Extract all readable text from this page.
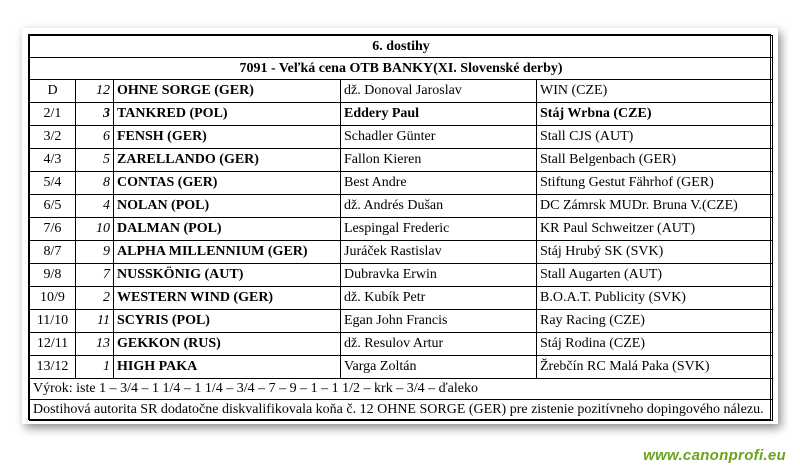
6. dostihy				
7091 - Veľká cena OTB BANKY(XI. Slovenské derby)				
D	12	OHNE SORGE (GER)	dž. Donoval Jaroslav	WIN (CZE)
2/1	3	TANKRED (POL)	Eddery Paul	Stáj Wrbna (CZE)
3/2	6	FENSH (GER)	Schadler Günter	Stall CJS (AUT)
4/3	5	ZARELLANDO (GER)	Fallon Kieren	Stall Belgenbach (GER)
5/4	8	CONTAS (GER)	Best Andre	Stiftung Gestut Fährhof (GER)
6/5	4	NOLAN (POL)	dž. Andrés Dušan	DC Zámrsk MUDr. Bruna V.(CZE)
7/6	10	DALMAN (POL)	Lespingal Frederic	KR Paul Schweitzer (AUT)
8/7	9	ALPHA MILLENNIUM (GER)	Juráček Rastislav	Stáj Hrubý SK (SVK)
9/8	7	NUSSKÖNIG (AUT)	Dubravka Erwin	Stall Augarten (AUT)
10/9	2	WESTERN WIND (GER)	dž. Kubík Petr	B.O.A.T. Publicity (SVK)
11/10	11	SCYRIS (POL)	Egan John Francis	Ray Racing (CZE)
12/11	13	GEKKON (RUS)	dž. Resulov Artur	Stáj Rodina (CZE)
13/12	1	HIGH PAKA	Varga Zoltán	Žrebčín RC Malá Paka (SVK)
Výrok: iste 1 – 3/4 – 1 1/4 – 1 1/4 – 3/4 – 7 – 9 – 1 – 1 1/2 – krk – 3/4 – ďaleko				
Dostihová autorita SR dodatočne diskvalifikovala koňa č. 12 OHNE SORGE (GER) pre zistenie pozitívneho dopingového nálezu.				
www.canonprofi.eu
